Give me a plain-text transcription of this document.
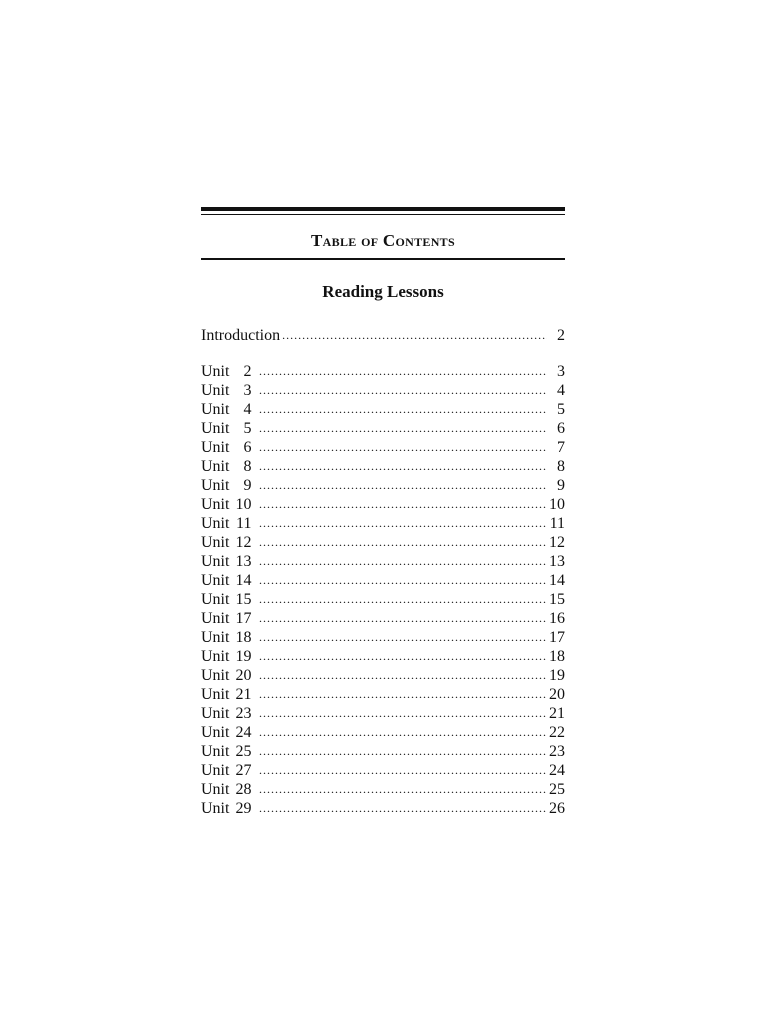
Table of Contents
Reading Lessons
Introduction .....	2
Unit 2 .....	3
Unit 3 .....	4
Unit 4 .....	5
Unit 5 .....	6
Unit 6 .....	7
Unit 8 .....	8
Unit 9 .....	9
Unit 10 .....	10
Unit 11 .....	11
Unit 12 .....	12
Unit 13 .....	13
Unit 14 .....	14
Unit 15 .....	15
Unit 17 .....	16
Unit 18 .....	17
Unit 19 .....	18
Unit 20 .....	19
Unit 21 .....	20
Unit 23 .....	21
Unit 24 .....	22
Unit 25 .....	23
Unit 27 .....	24
Unit 28 .....	25
Unit 29 .....	26
